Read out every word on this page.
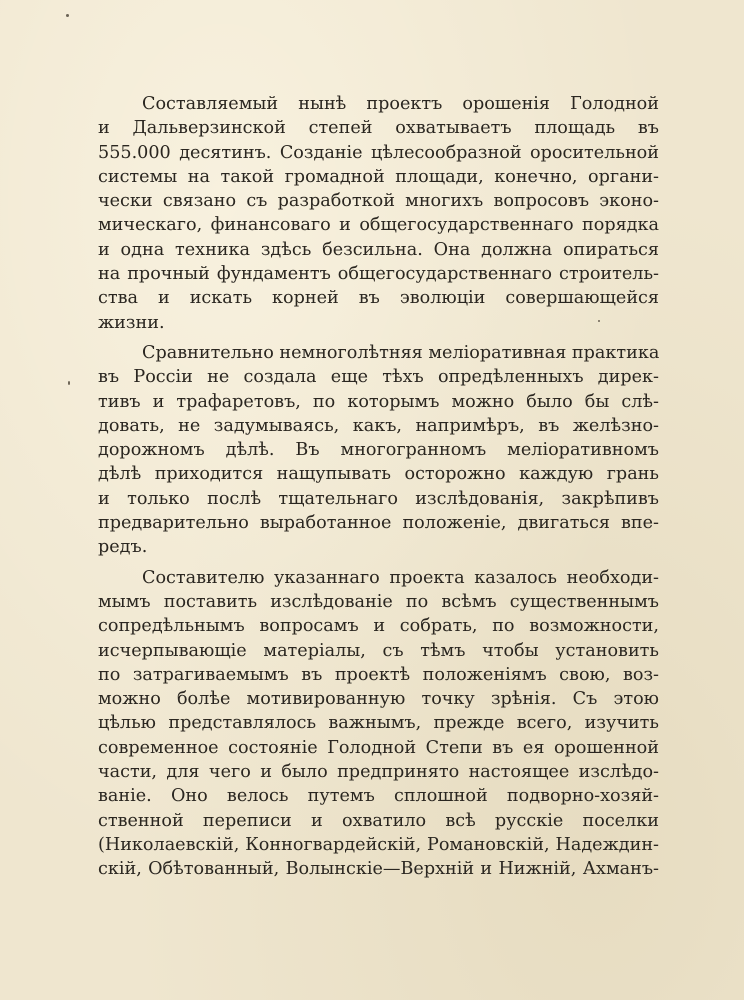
Составляемый нынѣ проектъ орошенія Голодной
и Дальверзинской степей охватываетъ площадь въ
555.000 десятинъ. Созданіе цѣлесообразной оросительной
системы на такой громадной площади, конечно, органи-
чески связано съ разработкой многихъ вопросовъ эконо-
мическаго, финансоваго и общегосударственнаго порядка
и одна техника здѣсь безсильна. Она должна опираться
на прочный фундаментъ общегосударственнаго строитель-
ства и искать корней въ эволюціи совершающейся
жизни.
Сравнительно немноголѣтняя меліоративная практика
въ Россіи не создала еще тѣхъ опредѣленныхъ дирек-
тивъ и трафаретовъ, по которымъ можно было бы слѣ-
довать, не задумываясь, какъ, напримѣръ, въ желѣзно-
дорожномъ дѣлѣ. Въ многогранномъ меліоративномъ
дѣлѣ приходится нащупывать осторожно каждую грань
и только послѣ тщательнаго изслѣдованія, закрѣпивъ
предварительно выработанное положеніе, двигаться впе-
редъ.
Составителю указаннаго проекта казалось необходи-
мымъ поставить изслѣдованіе по всѣмъ существеннымъ
сопредѣльнымъ вопросамъ и собрать, по возможности,
исчерпывающіе матеріалы, съ тѣмъ чтобы установить
по затрагиваемымъ въ проектѣ положеніямъ свою, воз-
можно болѣе мотивированную точку зрѣнія. Съ этою
цѣлью представлялось важнымъ, прежде всего, изучить
современное состояніе Голодной Степи въ ея орошенной
части, для чего и было предпринято настоящее изслѣдо-
ваніе. Оно велось путемъ сплошной подворно-хозяй-
ственной переписи и охватило всѣ русскіе поселки
(Николаевскій, Конногвардейскій, Романовскій, Надеждин-
скій, Обѣтованный, Волынскіе—Верхній и Нижній, Ахманъ-
